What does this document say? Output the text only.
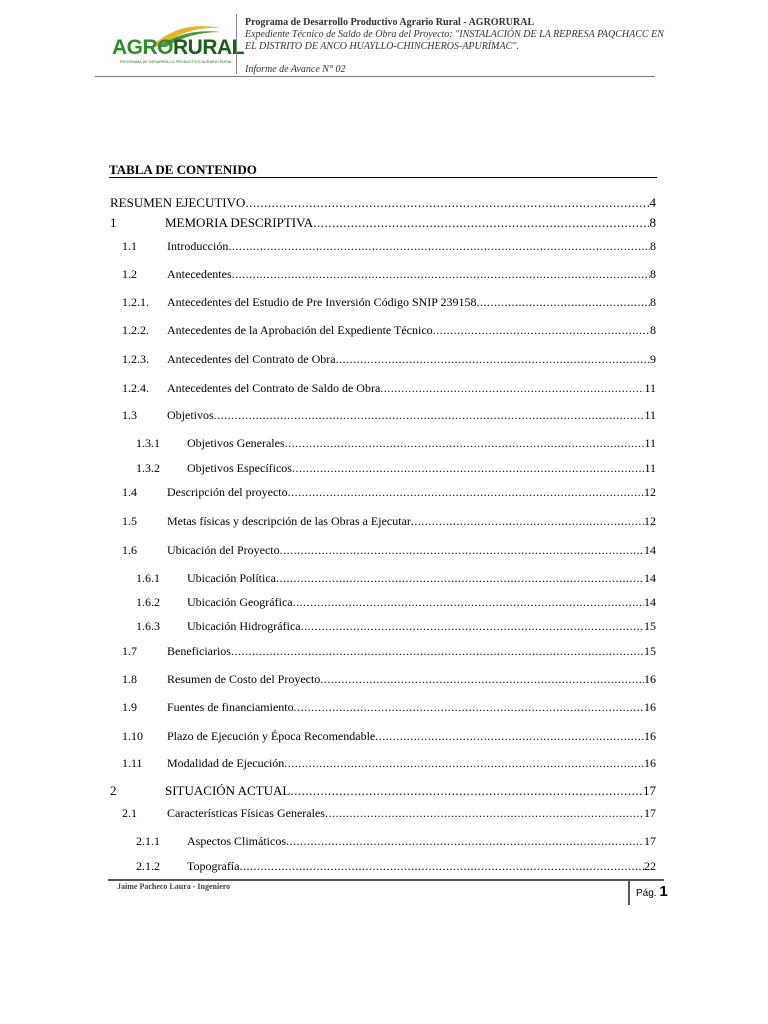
AGRORURAL
PROGRAMA DE DESARROLLO PRODUCTIVO AGRARIO RURAL
Programa de Desarrollo Productivo Agrario Rural - AGRORURAL
Expediente Técnico de Saldo de Obra del Proyecto: "INSTALACIÓN DE LA REPRESA PAQCHACC EN EL DISTRITO DE ANCO HUAYLLO-CHINCHEROS-APURÍMAC".
Informe de Avance N° 02
TABLA DE CONTENIDO
RESUMEN EJECUTIVO .....	4
1	MEMORIA DESCRIPTIVA .....	8
1.1	Introducción .....	8
1.2	Antecedentes .....	8
1.2.1. Antecedentes del Estudio de Pre Inversión Código SNIP 239158 .....	8
1.2.2. Antecedentes de la Aprobación del Expediente Técnico .....	8
1.2.3. Antecedentes del Contrato de Obra .....	9
1.2.4. Antecedentes del Contrato de Saldo de Obra .....	11
1.3	Objetivos .....	11
1.3.1 Objetivos Generales .....	11
1.3.2 Objetivos Específicos .....	11
1.4	Descripción del proyecto .....	12
1.5	Metas físicas y descripción de las Obras a Ejecutar .....	12
1.6	Ubicación del Proyecto .....	14
1.6.1 Ubicación Política .....	14
1.6.2 Ubicación Geográfica .....	14
1.6.3 Ubicación Hidrográfica .....	15
1.7	Beneficiarios .....	15
1.8	Resumen de Costo del Proyecto .....	16
1.9	Fuentes de financiamiento .....	16
1.10 Plazo de Ejecución y Época Recomendable .....	16
1.11 Modalidad de Ejecución .....	16
2	SITUACIÓN ACTUAL .....	17
2.1	Características Físicas Generales .....	17
2.1.1 Aspectos Climáticos .....	17
2.1.2 Topografía .....	22
Jaime Pacheco Laura - Ingeniero
Pág. 1
